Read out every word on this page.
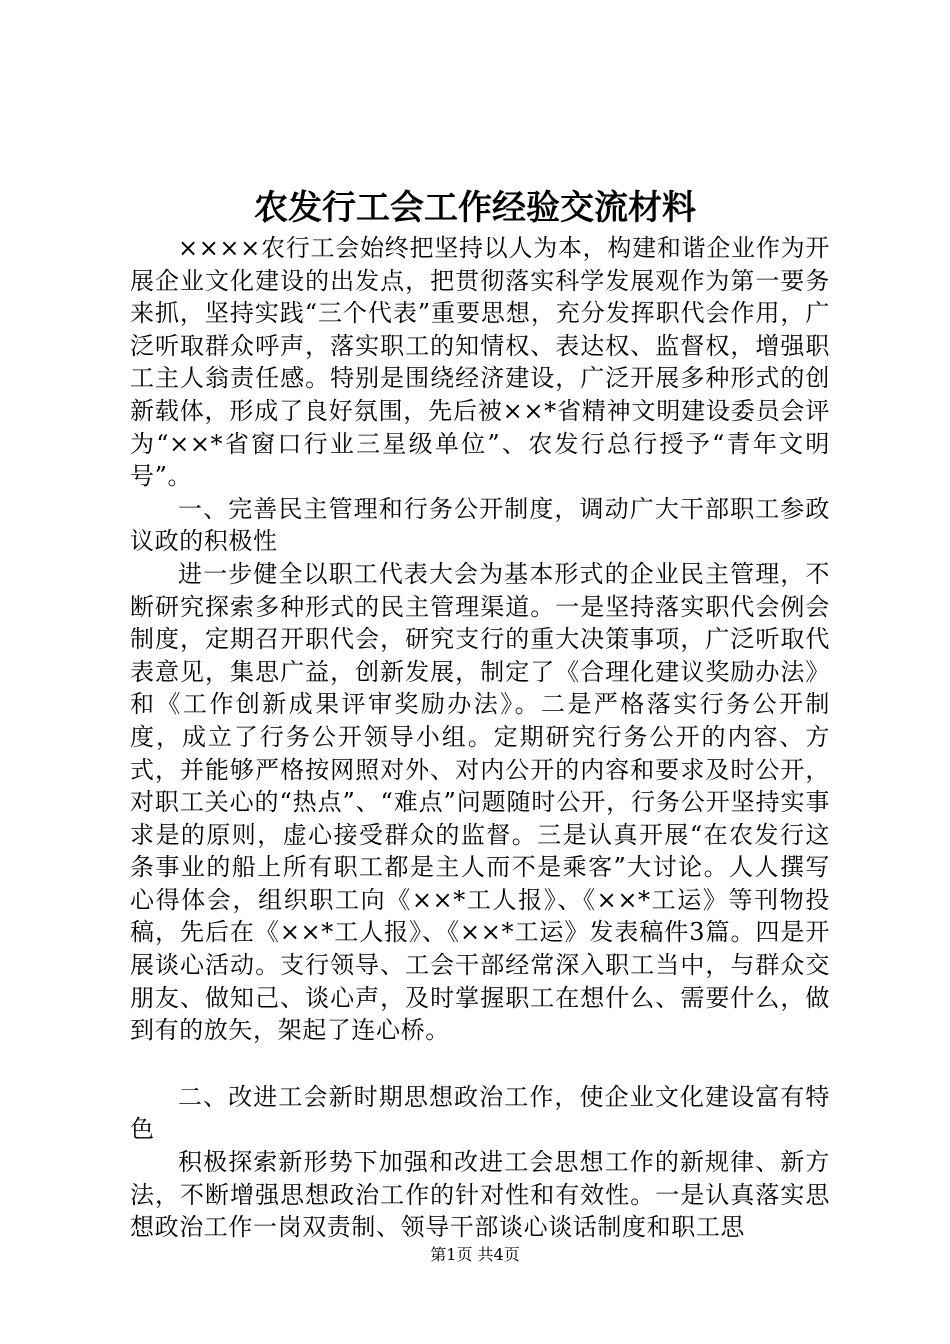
农发行工会工作经验交流材料

××××农行工会始终把坚持以人为本，构建和谐企业作为开展企业文化建设的出发点，把贯彻落实科学发展观作为第一要务来抓，坚持实践“三个代表”重要思想，充分发挥职代会作用，广泛听取群众呼声，落实职工的知情权、表达权、监督权，增强职工主人翁责任感。特别是围绕经济建设，广泛开展多种形式的创新载体，形成了良好氛围，先后被××*省精神文明建设委员会评为“××*省窗口行业三星级单位”、农发行总行授予“青年文明号”。

一、完善民主管理和行务公开制度，调动广大干部职工参政议政的积极性

进一步健全以职工代表大会为基本形式的企业民主管理，不断研究探索多种形式的民主管理渠道。一是坚持落实职代会例会制度，定期召开职代会，研究支行的重大决策事项，广泛听取代表意见，集思广益，创新发展，制定了《合理化建议奖励办法》和《工作创新成果评审奖励办法》。二是严格落实行务公开制度，成立了行务公开领导小组。定期研究行务公开的内容、方式，并能够严格按网照对外、对内公开的内容和要求及时公开，对职工关心的“热点”、“难点”问题随时公开，行务公开坚持实事求是的原则，虚心接受群众的监督。三是认真开展“在农发行这条事业的船上所有职工都是主人而不是乘客”大讨论。人人撰写心得体会，组织职工向《××*工人报》、《××*工运》等刊物投稿，先后在《××*工人报》、《××*工运》发表稿件3篇。四是开展谈心活动。支行领导、工会干部经常深入职工当中，与群众交朋友、做知己、谈心声，及时掌握职工在想什么、需要什么，做到有的放矢，架起了连心桥。

二、改进工会新时期思想政治工作，使企业文化建设富有特色

积极探索新形势下加强和改进工会思想工作的新规律、新方法，不断增强思想政治工作的针对性和有效性。一是认真落实思想政治工作一岗双责制、领导干部谈心谈话制度和职工思

第1页 共4页
